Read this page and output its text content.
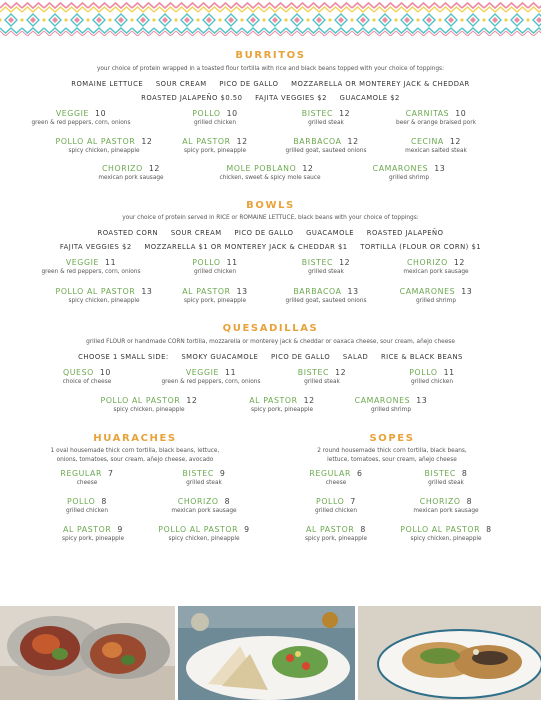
BURRITOS
your choice of protein wrapped in a toasted flour tortilla with rice and black beans topped with your choice of toppings:
ROMAINE LETTUCE SOUR CREAM PICO DE GALLO MOZZARELLA OR MONTEREY JACK & CHEDDAR
ROASTED JALAPEÑO $0.50 FAJITA VEGGIES $2 GUACAMOLE $2
VEGGIE 10
green & red peppers, corn, onions
POLLO 10
grilled chicken
BISTEC 12
grilled steak
CARNITAS 10
beer & orange braised pork
POLLO AL PASTOR 12
spicy chicken, pineapple
AL PASTOR 12
spicy pork, pineapple
BARBACOA 12
grilled goat, sauteed onions
CECINA 12
mexican salted steak
CHORIZO 12
mexican pork sausage
MOLE POBLANO 12
chicken, sweet & spicy mole sauce
CAMARONES 13
grilled shrimp
BOWLS
your choice of protein served in RICE or ROMAINE LETTUCE, black beans with your choice of toppings:
ROASTED CORN SOUR CREAM PICO DE GALLO GUACAMOLE ROASTED JALAPEÑO
FAJITA VEGGIES $2 MOZZARELLA $1 OR MONTEREY JACK & CHEDDAR $1 TORTILLA (FLOUR OR CORN) $1
VEGGIE 11
green & red peppers, corn, onions
POLLO 11
grilled chicken
BISTEC 12
grilled steak
CHORIZO 12
mexican pork sausage
POLLO AL PASTOR 13
spicy chicken, pineapple
AL PASTOR 13
spicy pork, pineapple
BARBACOA 13
grilled goat, sauteed onions
CAMARONES 13
grilled shrimp
QUESADILLAS
grilled FLOUR or handmade CORN tortilla, mozzarella or monterey jack & cheddar or oaxaca cheese, sour cream, añejo cheese
CHOOSE 1 SMALL SIDE: SMOKY GUACAMOLE PICO DE GALLO SALAD RICE & BLACK BEANS
QUESO 10
choice of cheese
VEGGIE 11
green & red peppers, corn, onions
BISTEC 12
grilled steak
POLLO 11
grilled chicken
POLLO AL PASTOR 12
spicy chicken, pineapple
AL PASTOR 12
spicy pork, pineapple
CAMARONES 13
grilled shrimp
HUARACHES
1 oval housemade thick corn tortilla, black beans, lettuce,
onions, tomatoes, sour cream, añejo cheese, avocado
REGULAR 7
cheese
BISTEC 9
grilled steak
POLLO 8
grilled chicken
CHORIZO 8
mexican pork sausage
AL PASTOR 9
spicy pork, pineapple
POLLO AL PASTOR 9
spicy chicken, pineapple
SOPES
2 round housemade thick corn tortilla, black beans,
lettuce, tomatoes, sour cream, añejo cheese
REGULAR 6
cheese
BISTEC 8
grilled steak
POLLO 7
grilled chicken
CHORIZO 8
mexican pork sausage
AL PASTOR 8
spicy pork, pineapple
POLLO AL PASTOR 8
spicy chicken, pineapple
